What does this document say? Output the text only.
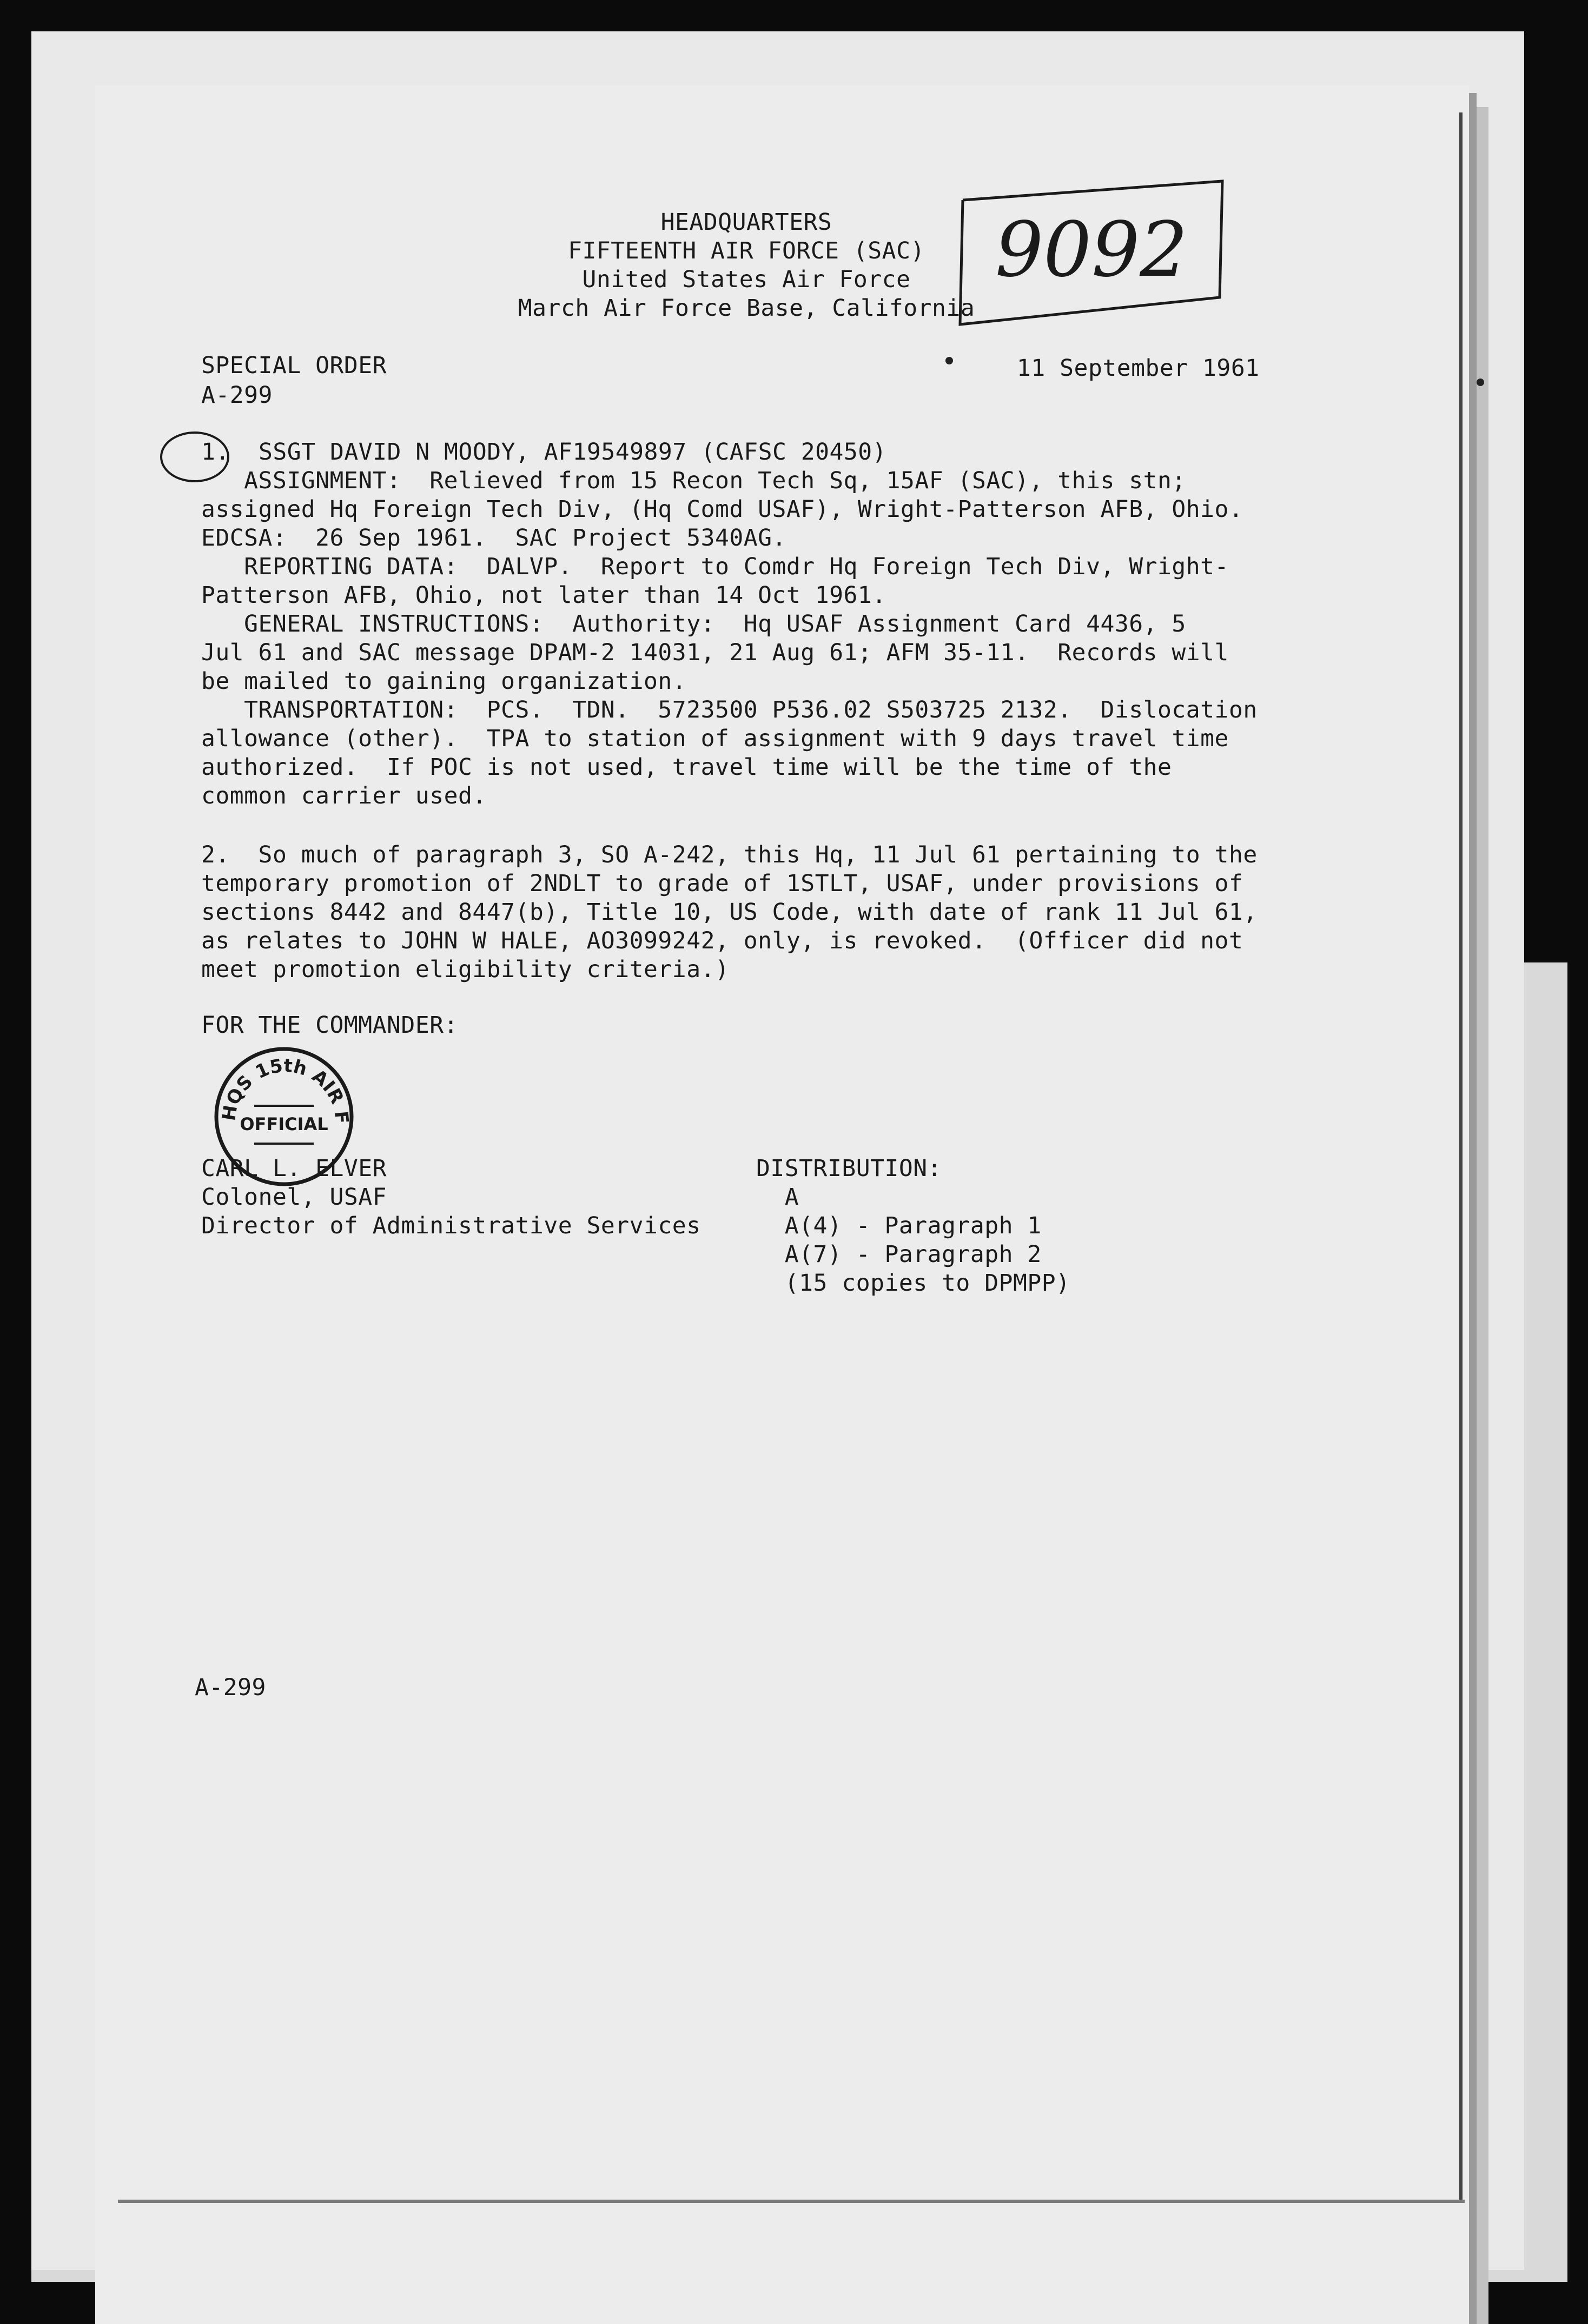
HEADQUARTERS
FIFTEENTH AIR FORCE (SAC)
United States Air Force
March Air Force Base, California
9092
SPECIAL ORDER	11 September 1961
A-299
1. SSGT DAVID N MOODY, AF19549897 (CAFSC 20450)
ASSIGNMENT:  Relieved from 15 Recon Tech Sq, 15AF (SAC), this stn;
assigned Hq Foreign Tech Div, (Hq Comd USAF), Wright-Patterson AFB, Ohio.
EDCSA:  26 Sep 1961.  SAC Project 5340AG.
REPORTING DATA:  DALVP.  Report to Comdr Hq Foreign Tech Div, Wright-
Patterson AFB, Ohio, not later than 14 Oct 1961.
GENERAL INSTRUCTIONS:  Authority:  Hq USAF Assignment Card 4436, 5
Jul 61 and SAC message DPAM-2 14031, 21 Aug 61; AFM 35-11.  Records will
be mailed to gaining organization.
TRANSPORTATION:  PCS.  TDN.  5723500 P536.02 S503725 2132.  Dislocation
allowance (other).  TPA to station of assignment with 9 days travel time
authorized.  If POC is not used, travel time will be the time of the
common carrier used.
2.  So much of paragraph 3, SO A-242, this Hq, 11 Jul 61 pertaining to the
temporary promotion of 2NDLT to grade of 1STLT, USAF, under provisions of
sections 8442 and 8447(b), Title 10, US Code, with date of rank 11 Jul 61,
as relates to JOHN W HALE, AO3099242, only, is revoked.  (Officer did not
meet promotion eligibility criteria.)
FOR THE COMMANDER:
HQS 15th AIR F
OFFICIAL
CARL L. ELVER
Colonel, USAF
Director of Administrative Services
DISTRIBUTION:
A
A(4) - Paragraph 1
A(7) - Paragraph 2
(15 copies to DPMPP)
A-299
